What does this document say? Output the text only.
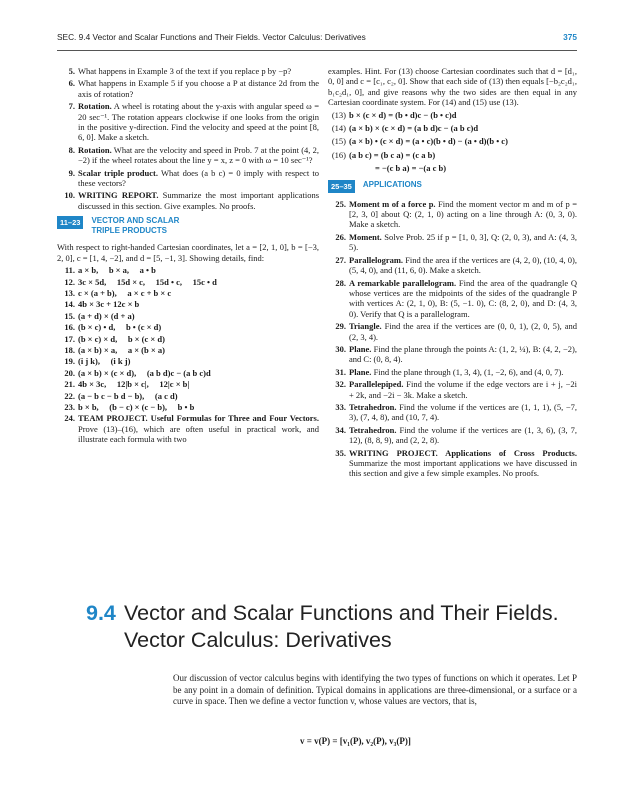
SEC. 9.4 Vector and Scalar Functions and Their Fields. Vector Calculus: Derivatives	375
5. What happens in Example 3 of the text if you replace p by −p?
6. What happens in Example 5 if you choose a P at distance 2d from the axis of rotation?
7. Rotation. A wheel is rotating about the y-axis with angular speed ω = 20 sec⁻¹. The rotation appears clockwise if one looks from the origin in the positive y-direction. Find the velocity and speed at the point [8, 6, 0]. Make a sketch.
8. Rotation. What are the velocity and speed in Prob. 7 at the point (4, 2, −2) if the wheel rotates about the line y = x, z = 0 with ω = 10 sec⁻¹?
9. Scalar triple product. What does (a b c) = 0 imply with respect to these vectors?
10. WRITING REPORT. Summarize the most important applications discussed in this section. Give examples. No proofs.
11–23	VECTOR AND SCALAR
TRIPLE PRODUCTS
With respect to right-handed Cartesian coordinates, let a = [2, 1, 0], b = [−3, 2, 0], c = [1, 4, −2], and d = [5, −1, 3]. Showing details, find:
11. a × b,     b × a,     a • b
12. 3c × 5d,     15d × c,     15d • c,     15c • d
13. c × (a + b),     a × c + b × c
14. 4b × 3c + 12c × b
15. (a + d) × (d + a)
16. (b × c) • d,     b • (c × d)
17. (b × c) × d,     b × (c × d)
18. (a × b) × a,     a × (b × a)
19. (i j k),     (i k j)
20. (a × b) × (c × d),     (a b d)c − (a b c)d
21. 4b × 3c,     12|b × c|,     12|c × b|
22. (a − b c − b d − b),     (a c d)
23. b × b,     (b − c) × (c − b),     b • b
24. TEAM PROJECT. Useful Formulas for Three and Four Vectors. Prove (13)–(16), which are often useful in practical work, and illustrate each formula with two
examples. Hint. For (13) choose Cartesian coordinates such that d = [d₁, 0, 0] and c = [c₁, c₂, 0]. Show that each side of (13) then equals [−b₂c₂d₁, b₁c₂d₁, 0], and give reasons why the two sides are then equal in any Cartesian coordinate system. For (14) and (15) use (13).
(13) b × (c × d) = (b • d)c − (b • c)d
(14) (a × b) × (c × d) = (a b d)c − (a b c)d
(15) (a × b) • (c × d) = (a • c)(b • d) − (a • d)(b • c)
(16) (a b c) = (b c a) = (c a b)
= −(c b a) = −(a c b)
25–35	APPLICATIONS
25. Moment m of a force p. Find the moment vector m and m of p = [2, 3, 0] about Q: (2, 1, 0) acting on a line through A: (0, 3, 0). Make a sketch.
26. Moment. Solve Prob. 25 if p = [1, 0, 3], Q: (2, 0, 3), and A: (4, 3, 5).
27. Parallelogram. Find the area if the vertices are (4, 2, 0), (10, 4, 0), (5, 4, 0), and (11, 6, 0). Make a sketch.
28. A remarkable parallelogram. Find the area of the quadrangle Q whose vertices are the midpoints of the sides of the quadrangle P with vertices A: (2, 1, 0), B: (5, −1. 0), C: (8, 2, 0), and D: (4, 3, 0). Verify that Q is a parallelogram.
29. Triangle. Find the area if the vertices are (0, 0, 1), (2, 0, 5), and (2, 3, 4).
30. Plane. Find the plane through the points A: (1, 2, ¼), B: (4, 2, −2), and C: (0, 8, 4).
31. Plane. Find the plane through (1, 3, 4), (1, −2, 6), and (4, 0, 7).
32. Parallelepiped. Find the volume if the edge vectors are i + j, −2i + 2k, and −2i − 3k. Make a sketch.
33. Tetrahedron. Find the volume if the vertices are (1, 1, 1), (5, −7, 3), (7, 4, 8), and (10, 7, 4).
34. Tetrahedron. Find the volume if the vertices are (1, 3, 6), (3, 7, 12), (8, 8, 9), and (2, 2, 8).
35. WRITING PROJECT. Applications of Cross Products. Summarize the most important applications we have discussed in this section and give a few simple examples. No proofs.
9.4 Vector and Scalar Functions and Their Fields.
Vector Calculus: Derivatives
Our discussion of vector calculus begins with identifying the two types of functions on which it operates. Let P be any point in a domain of definition. Typical domains in applications are three-dimensional, or a surface or a curve in space. Then we define a vector function v, whose values are vectors, that is,
v = v(P) = [v₁(P), v₂(P), v₃(P)]
